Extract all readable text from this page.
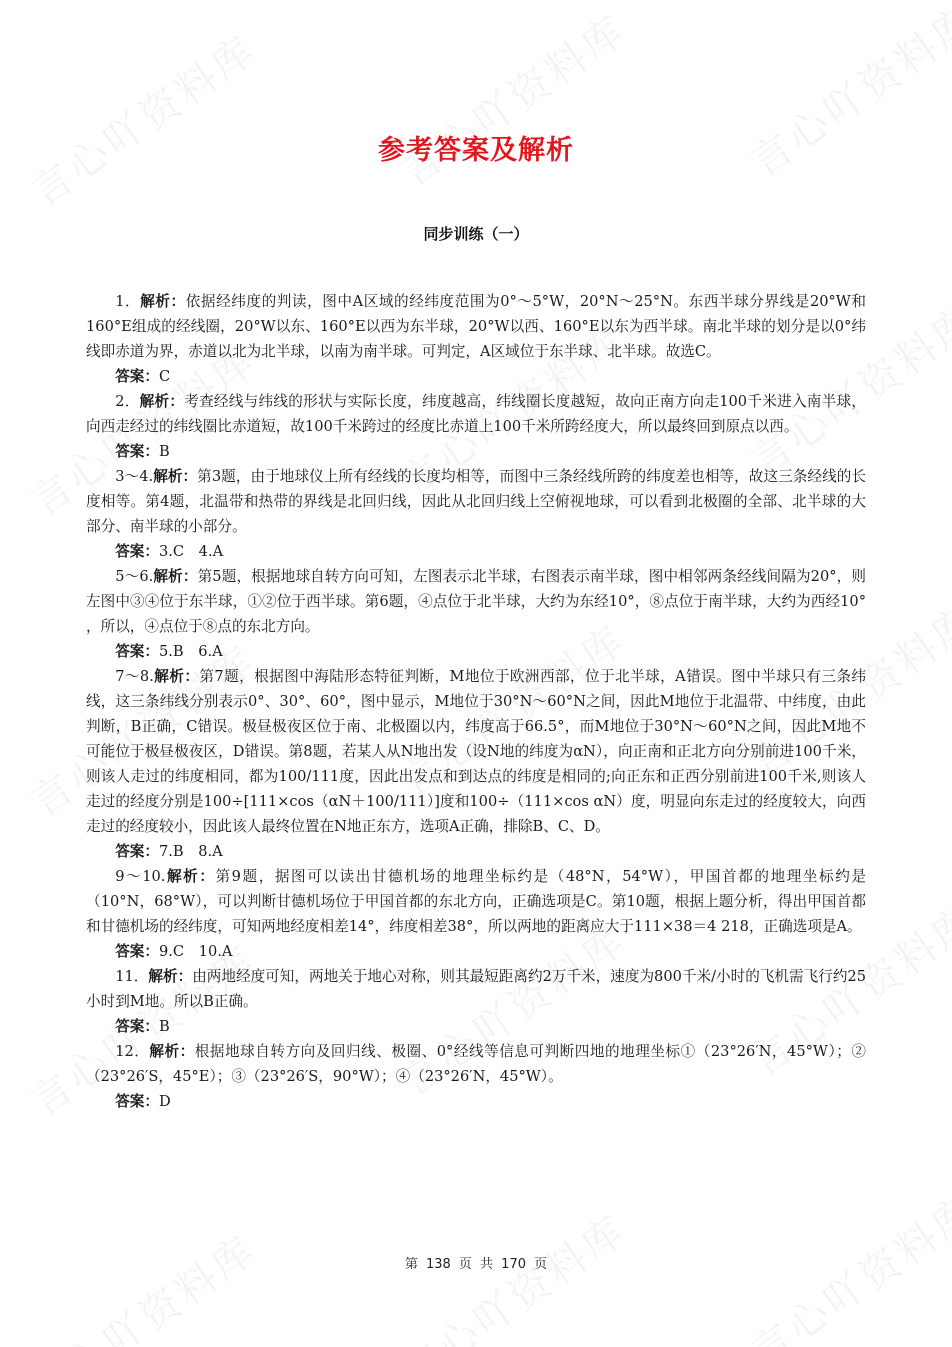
参考答案及解析
同步训练（一）

1．解析：依据经纬度的判读，图中A区域的经纬度范围为0°～5°W，20°N～25°N。东西半球分界线是20°W和160°E组成的经线圈，20°W以东、160°E以西为东半球，20°W以西、160°E以东为西半球。南北半球的划分是以0°纬线即赤道为界，赤道以北为北半球，以南为南半球。可判定，A区域位于东半球、北半球。故选C。

答案：C

2．解析：考查经线与纬线的形状与实际长度，纬度越高，纬线圈长度越短，故向正南方向走100千米进入南半球，向西走经过的纬线圈比赤道短，故100千米跨过的经度比赤道上100千米所跨经度大，所以最终回到原点以西。

答案：B

3～4.解析：第3题，由于地球仪上所有经线的长度均相等，而图中三条经线所跨的纬度差也相等，故这三条经线的长度相等。第4题，北温带和热带的界线是北回归线，因此从北回归线上空俯视地球，可以看到北极圈的全部、北半球的大部分、南半球的小部分。

答案：3.C　4.A

5～6.解析：第5题，根据地球自转方向可知，左图表示北半球，右图表示南半球，图中相邻两条经线间隔为20°，则左图中③④位于东半球，①②位于西半球。第6题，④点位于北半球，大约为东经10°，⑧点位于南半球，大约为西经10° ，所以，④点位于⑧点的东北方向。

答案：5.B　6.A

7～8.解析：第7题，根据图中海陆形态特征判断，M地位于欧洲西部，位于北半球，A错误。图中半球只有三条纬线，这三条纬线分别表示0°、30°、60°，图中显示，M地位于30°N～60°N之间，因此M地位于北温带、中纬度，由此判断，B正确，C错误。极昼极夜区位于南、北极圈以内，纬度高于66.5°，而M地位于30°N～60°N之间，因此M地不可能位于极昼极夜区，D错误。第8题，若某人从N地出发（设N地的纬度为αN），向正南和正北方向分别前进100千米，则该人走过的纬度相同，都为100/111度，因此出发点和到达点的纬度是相同的;向正东和正西分别前进100千米,则该人走过的经度分别是100÷[111×cos（αN＋100/111）]度和100÷（111×cos αN）度，明显向东走过的经度较大，向西走过的经度较小，因此该人最终位置在N地正东方，选项A正确，排除B、C、D。

答案：7.B　8.A

9～10.解析：第9题，据图可以读出甘德机场的地理坐标约是（48°N，54°W），甲国首都的地理坐标约是（10°N，68°W），可以判断甘德机场位于甲国首都的东北方向，正确选项是C。第10题，根据上题分析，得出甲国首都和甘德机场的经纬度，可知两地经度相差14°，纬度相差38°，所以两地的距离应大于111×38＝4 218，正确选项是A。

答案：9.C　10.A

11．解析：由两地经度可知，两地关于地心对称，则其最短距离约2万千米，速度为800千米/小时的飞机需飞行约25小时到M地。所以B正确。

答案：B

12．解析：根据地球自转方向及回归线、极圈、0°经线等信息可判断四地的地理坐标①（23°26′N，45°W）；②（23°26′S，45°E）；③（23°26′S，90°W）；④（23°26′N，45°W）。

答案：D

第 138 页 共 170 页
